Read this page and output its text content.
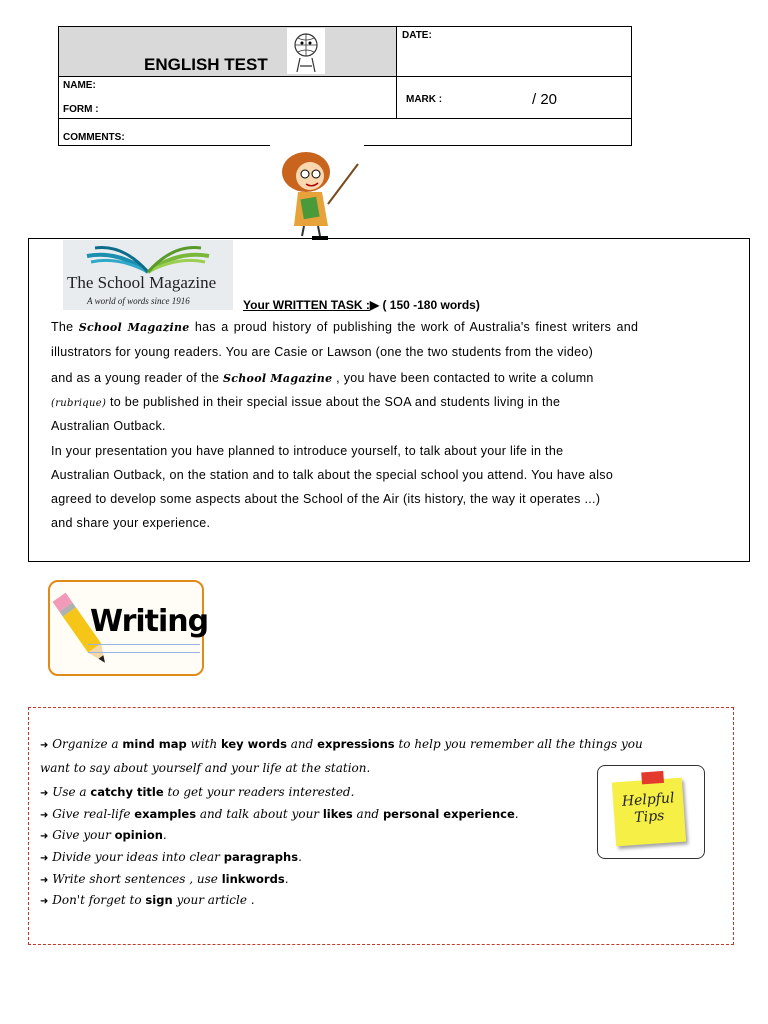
ENGLISH TEST
DATE:
NAME:
FORM :
MARK :	/ 20
COMMENTS:
The School Magazine
A world of words since 1916	Your WRITTEN TASK :▶ ( 150 -180 words)
The School Magazine has a proud history of publishing the work of Australia's finest writers and
illustrators for young readers. You are Casie or Lawson (one the two students from the video)
and as a young reader of the School Magazine , you have been contacted to write a column
(rubrique) to be published in their special issue about the SOA and students living in the
Australian Outback.
In your presentation you have planned to introduce yourself, to talk about your life in the
Australian Outback, on the station and to talk about the special school you attend. You have also
agreed to develop some aspects about the School of the Air (its history, the way it operates ...)
and share your experience.
Writing
➜ Organize a mind map with key words and expressions to help you remember all the things you
want to say about yourself and your life at the station.
➜ Use a catchy title to get your readers interested.
➜ Give real-life examples and talk about your likes and personal experience.
➜ Give your opinion.
➜ Divide your ideas into clear paragraphs.
➜ Write short sentences , use linkwords.
➜ Don't forget to sign your article .
Helpful
Tips
